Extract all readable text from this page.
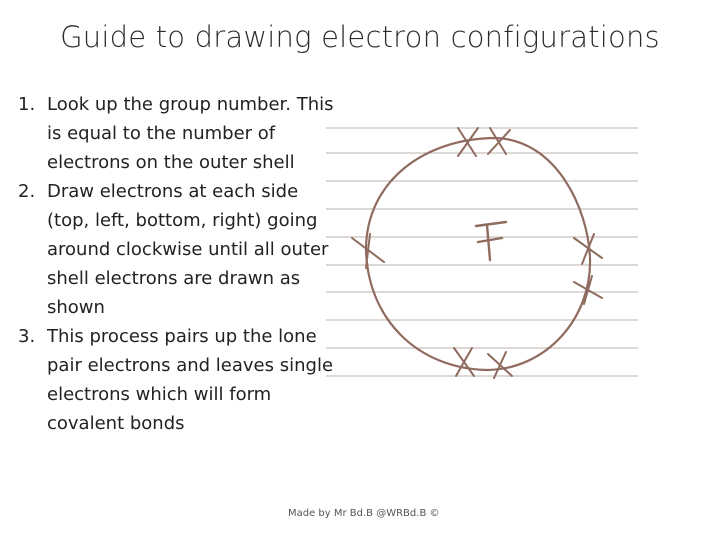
Guide to drawing electron configurations
1. Look up the group number. This is equal to the number of electrons on the outer shell
2. Draw electrons at each side (top, left, bottom, right) going around clockwise until all outer shell electrons are drawn as shown
3. This process pairs up the lone pair electrons and leaves single electrons which will form covalent bonds
Made by Mr Bd.B @WRBd.B ©
